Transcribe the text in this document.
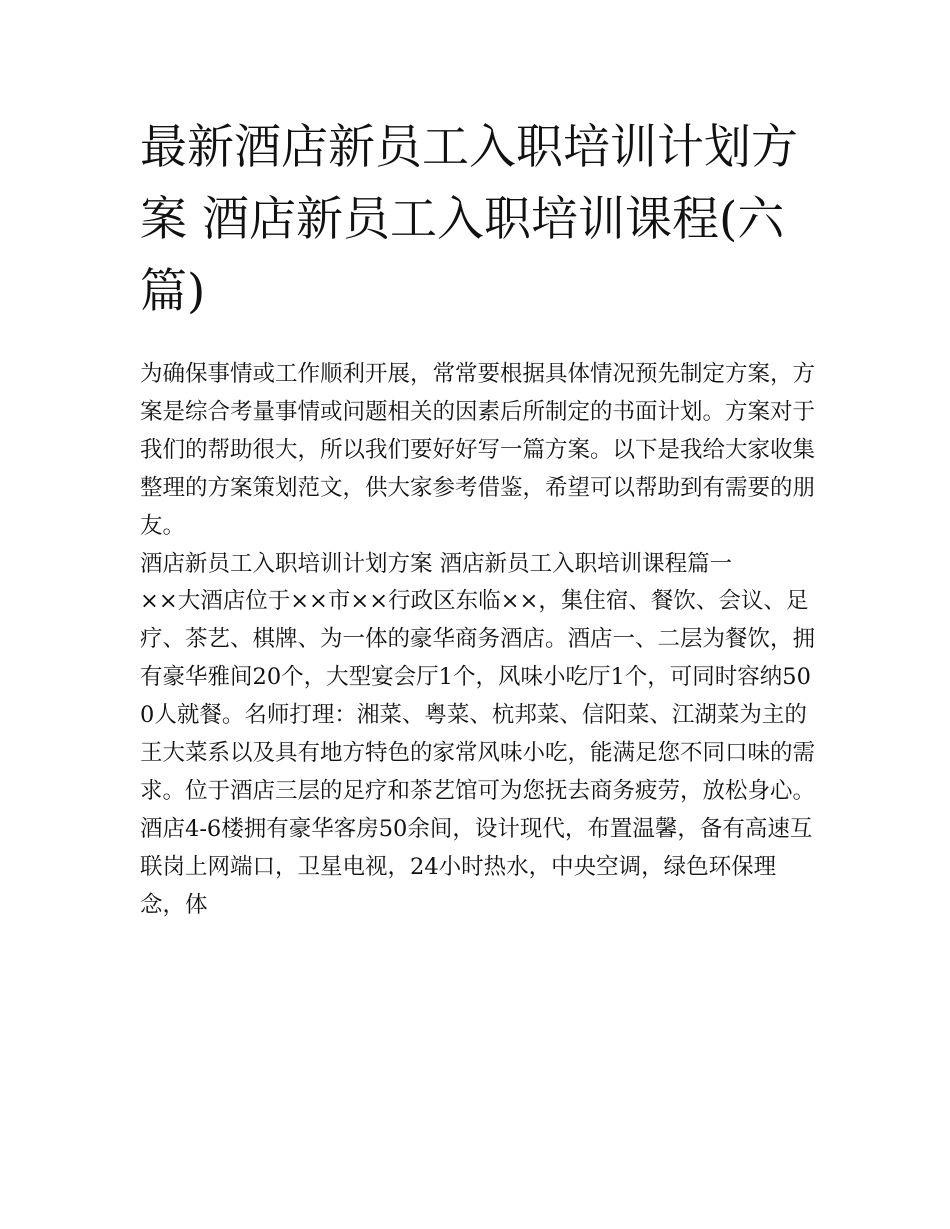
最新酒店新员工入职培训计划方案 酒店新员工入职培训课程(六篇)

为确保事情或工作顺利开展，常常要根据具体情况预先制定方案，方案是综合考量事情或问题相关的因素后所制定的书面计划。方案对于我们的帮助很大，所以我们要好好写一篇方案。以下是我给大家收集整理的方案策划范文，供大家参考借鉴，希望可以帮助到有需要的朋友。

酒店新员工入职培训计划方案 酒店新员工入职培训课程篇一

××大酒店位于××市××行政区东临××，集住宿、餐饮、会议、足疗、茶艺、棋牌、为一体的豪华商务酒店。酒店一、二层为餐饮，拥有豪华雅间20个，大型宴会厅1个，风味小吃厅1个，可同时容纳500人就餐。名师打理：湘菜、粤菜、杭邦菜、信阳菜、江湖菜为主的王大菜系以及具有地方特色的家常风味小吃，能满足您不同口味的需求。位于酒店三层的足疗和茶艺馆可为您抚去商务疲劳，放松身心。酒店4-6楼拥有豪华客房50余间，设计现代，布置温馨，备有高速互联岗上网端口，卫星电视，24小时热水，中央空调，绿色环保理念，体
